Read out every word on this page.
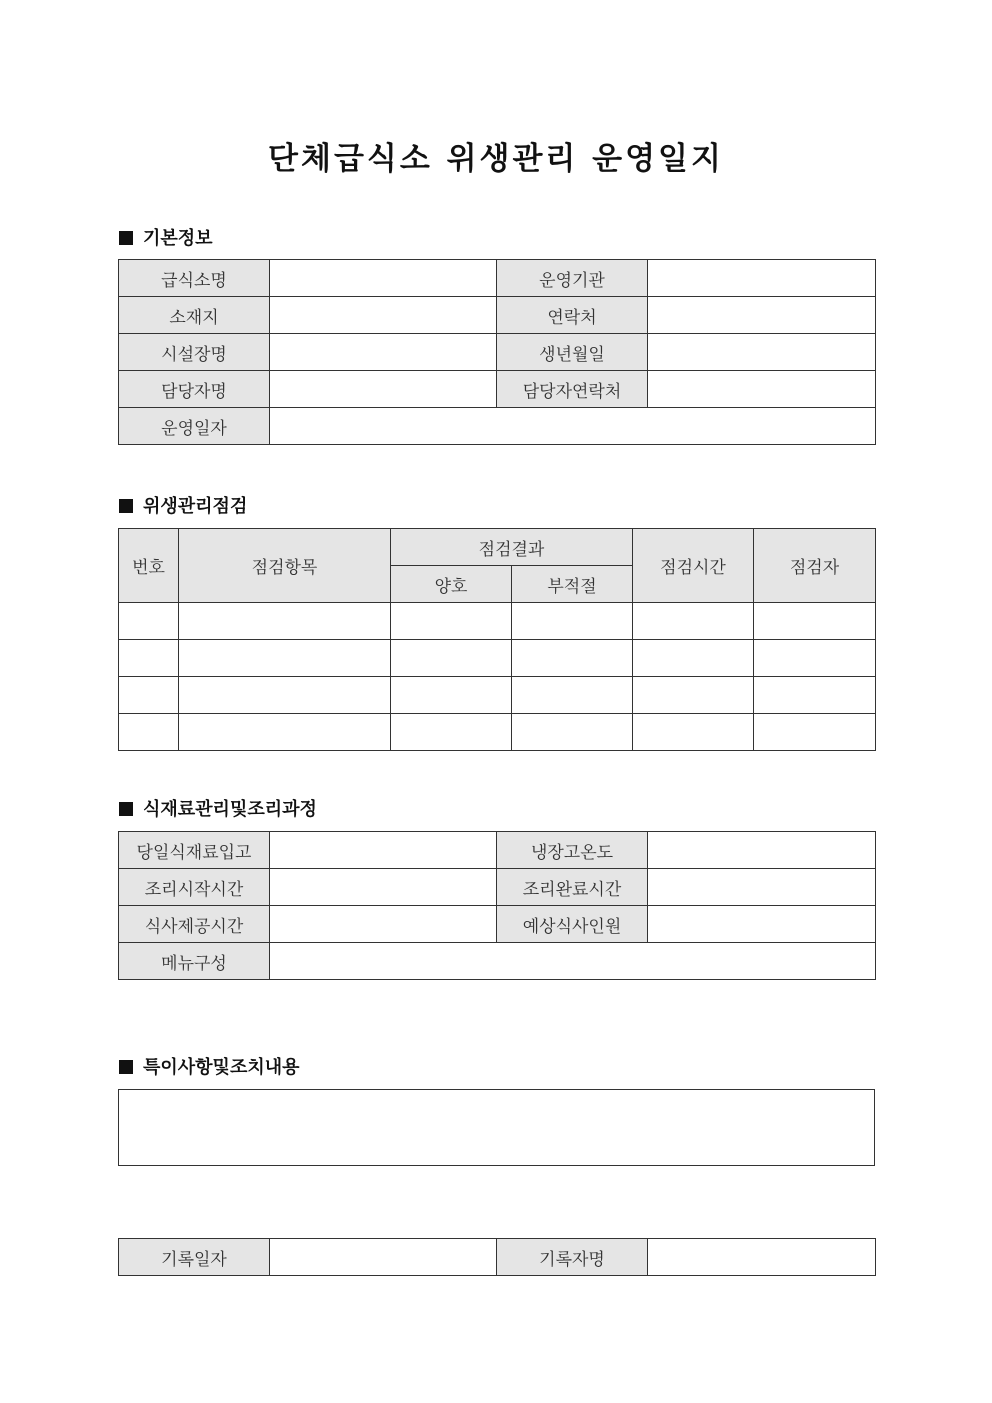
단체급식소 위생관리 운영일지
기본정보
급식소명		운영기관	
소재지		연락처	
시설장명		생년월일	
담당자명		담당자연락처	
운영일자			
위생관리점검
번호	점검항목	점검결과		점검시간	점검자
		양호	부적절		

식재료관리및조리과정
당일식재료입고		냉장고온도	
조리시작시간		조리완료시간	
식사제공시간		예상식사인원	
메뉴구성			
특이사항및조치내용
기록일자		기록자명	
